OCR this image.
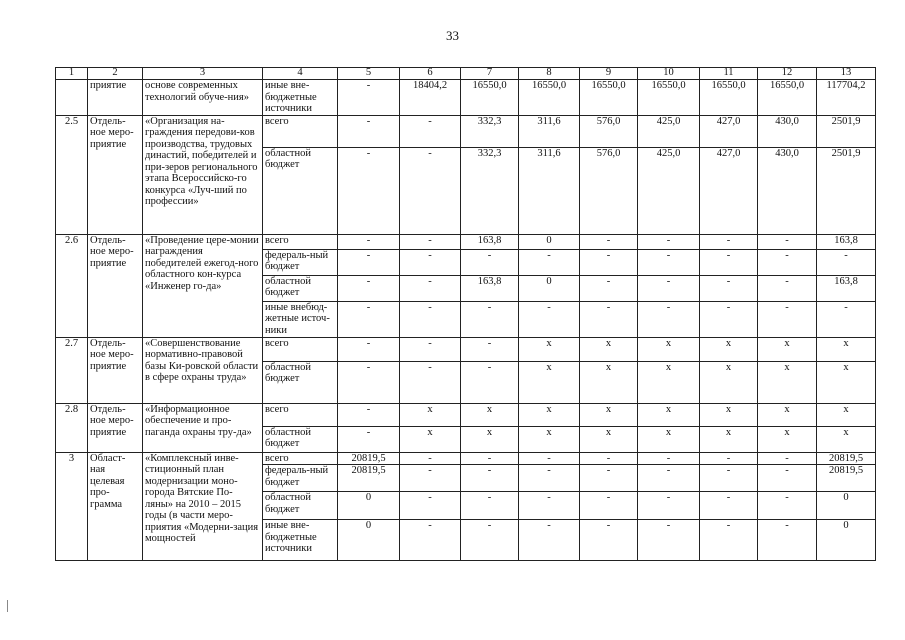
33
1	2	3	4	5	6	7	8	9	10	11	12	13
	приятие	основе современных технологий обуче-ния»	иные вне-бюджетные источники	-	18404,2	16550,0	16550,0	16550,0	16550,0	16550,0	16550,0	117704,2
2.5	Отдель-ное меро-приятие	«Организация на-граждения передови-ков производства, трудовых династий, победителей и при-зеров регионального этапа Всероссийско-го конкурса «Луч-ший по профессии»	всего	-	-	332,3	311,6	576,0	425,0	427,0	430,0	2501,9
			областной бюджет	-	-	332,3	311,6	576,0	425,0	427,0	430,0	2501,9
2.6	Отдель-ное меро-приятие	«Проведение цере-монии награждения победителей ежегод-ного областного кон-курса «Инженер го-да»	всего	-	-	163,8	0	-	-	-	-	163,8
			федераль-ный бюджет	-	-	-	-	-	-	-	-	-
			областной бюджет	-	-	163,8	0	-	-	-	-	163,8
			иные внебюд-жетные источ-ники	-	-	-	-	-	-	-	-	-
2.7	Отдель-ное меро-приятие	«Совершенствование нормативно-правовой базы Ки-ровской области в сфере охраны труда»	всего	-	-	-	x	x	x	x	x	x
			областной бюджет	-	-	-	x	x	x	x	x	x
2.8	Отдель-ное меро-приятие	«Информационное обеспечение и про-паганда охраны тру-да»	всего	-	x	x	x	x	x	x	x	x
			областной бюджет	-	x	x	x	x	x	x	x	x
3	Област-ная целевая про-грамма	«Комплексный инве-стиционный план модернизации моно-города Вятские По-ляны» на 2010 – 2015 годы (в части меро-приятия «Модерни-зация мощностей	всего	20819,5	-	-	-	-	-	-	-	20819,5
			федераль-ный бюджет	20819,5	-	-	-	-	-	-	-	20819,5
			областной бюджет	0	-	-	-	-	-	-	-	0
			иные вне-бюджетные источники	0	-	-	-	-	-	-	-	0
